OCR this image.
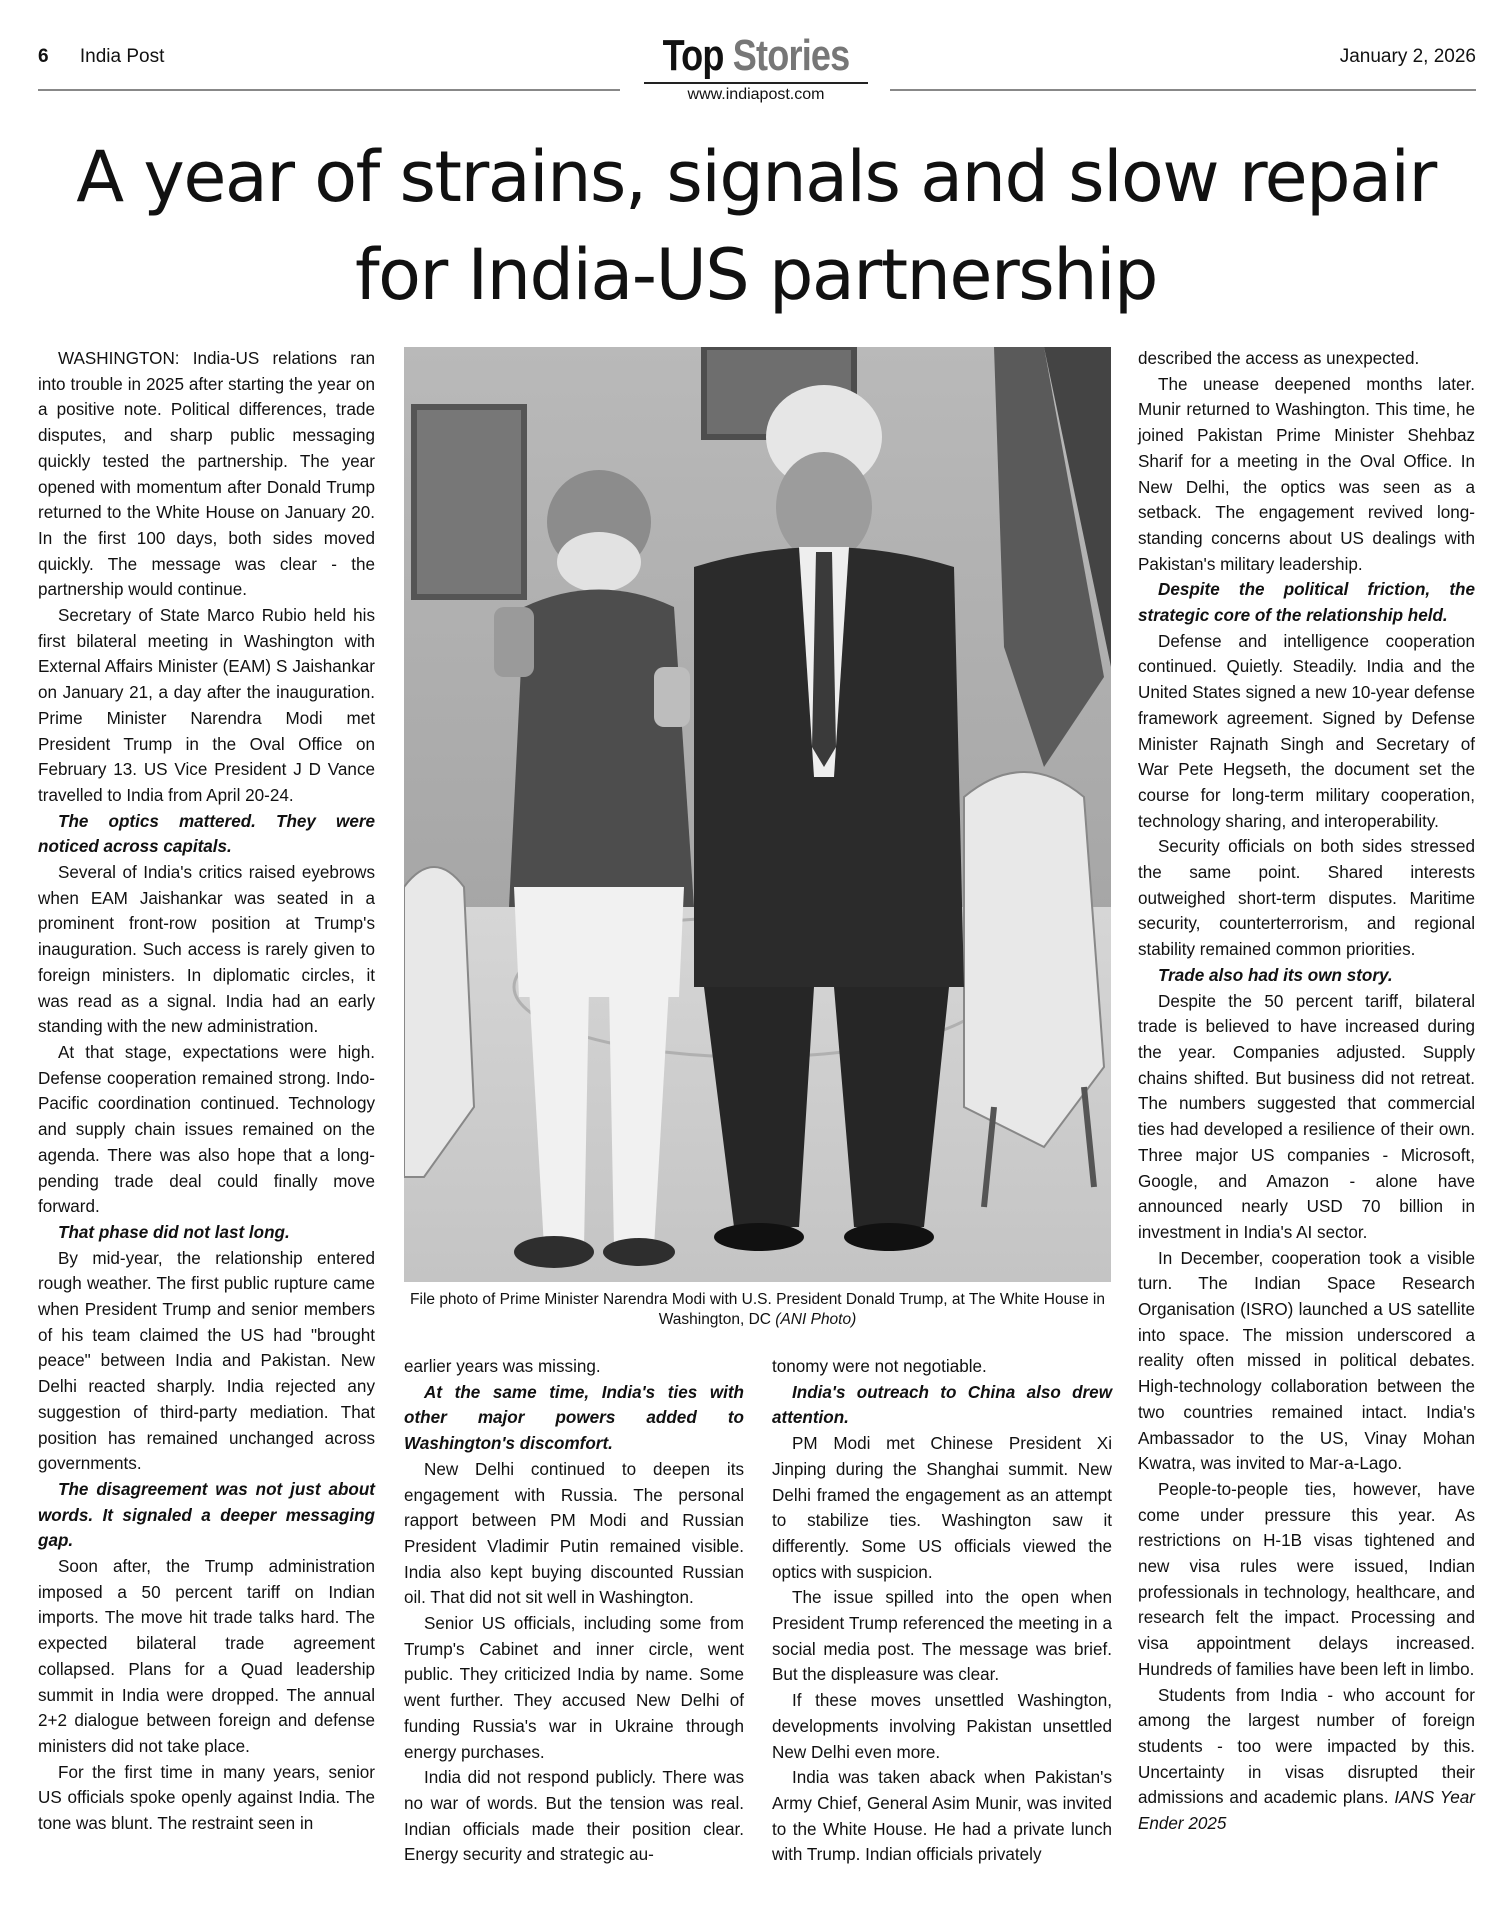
6 India Post	Top Stories
www.indiapost.com
January 2, 2026
A year of strains, signals and slow repair
for India-US partnership

WASHINGTON: India-US relations ran into trouble in 2025 after starting the year on a positive note. Political differences, trade disputes, and sharp public messaging quickly tested the partnership. The year opened with momentum after Donald Trump returned to the White House on January 20. In the first 100 days, both sides moved quickly. The message was clear - the partnership would continue.

Secretary of State Marco Rubio held his first bilateral meeting in Washington with External Affairs Minister (EAM) S Jaishankar on January 21, a day after the inauguration. Prime Minister Narendra Modi met President Trump in the Oval Office on February 13. US Vice President J D Vance travelled to India from April 20-24.

The optics mattered. They were noticed across capitals.

Several of India's critics raised eyebrows when EAM Jaishankar was seated in a prominent front-row position at Trump's inauguration. Such access is rarely given to foreign ministers. In diplomatic circles, it was read as a signal. India had an early standing with the new administration.

At that stage, expectations were high. Defense cooperation remained strong. Indo-Pacific coordination continued. Technology and supply chain issues remained on the agenda. There was also hope that a long-pending trade deal could finally move forward.

That phase did not last long.

By mid-year, the relationship entered rough weather. The first public rupture came when President Trump and senior members of his team claimed the US had "brought peace" between India and Pakistan. New Delhi reacted sharply. India rejected any suggestion of third-party mediation. That position has remained unchanged across governments.

The disagreement was not just about words. It signaled a deeper messaging gap.

Soon after, the Trump administration imposed a 50 percent tariff on Indian imports. The move hit trade talks hard. The expected bilateral trade agreement collapsed. Plans for a Quad leadership summit in India were dropped. The annual 2+2 dialogue between foreign and defense ministers did not take place.

For the first time in many years, senior US officials spoke openly against India. The tone was blunt. The restraint seen in

File photo of Prime Minister Narendra Modi with U.S. President Donald Trump, at The White House in Washington, DC (ANI Photo)

earlier years was missing.

At the same time, India's ties with other major powers added to Washington's discomfort.

New Delhi continued to deepen its engagement with Russia. The personal rapport between PM Modi and Russian President Vladimir Putin remained visible. India also kept buying discounted Russian oil. That did not sit well in Washington.

Senior US officials, including some from Trump's Cabinet and inner circle, went public. They criticized India by name. Some went further. They accused New Delhi of funding Russia's war in Ukraine through energy purchases.

India did not respond publicly. There was no war of words. But the tension was real. Indian officials made their position clear. Energy security and strategic au-

tonomy were not negotiable.

India's outreach to China also drew attention.

PM Modi met Chinese President Xi Jinping during the Shanghai summit. New Delhi framed the engagement as an attempt to stabilize ties. Washington saw it differently. Some US officials viewed the optics with suspicion.

The issue spilled into the open when President Trump referenced the meeting in a social media post. The message was brief. But the displeasure was clear.

If these moves unsettled Washington, developments involving Pakistan unsettled New Delhi even more.

India was taken aback when Pakistan's Army Chief, General Asim Munir, was invited to the White House. He had a private lunch with Trump. Indian officials privately

described the access as unexpected.

The unease deepened months later. Munir returned to Washington. This time, he joined Pakistan Prime Minister Shehbaz Sharif for a meeting in the Oval Office. In New Delhi, the optics was seen as a setback. The engagement revived long-standing concerns about US dealings with Pakistan's military leadership.

Despite the political friction, the strategic core of the relationship held.

Defense and intelligence cooperation continued. Quietly. Steadily. India and the United States signed a new 10-year defense framework agreement. Signed by Defense Minister Rajnath Singh and Secretary of War Pete Hegseth, the document set the course for long-term military cooperation, technology sharing, and interoperability.

Security officials on both sides stressed the same point. Shared interests outweighed short-term disputes. Maritime security, counterterrorism, and regional stability remained common priorities.

Trade also had its own story.

Despite the 50 percent tariff, bilateral trade is believed to have increased during the year. Companies adjusted. Supply chains shifted. But business did not retreat. The numbers suggested that commercial ties had developed a resilience of their own. Three major US companies - Microsoft, Google, and Amazon - alone have announced nearly USD 70 billion in investment in India's AI sector.

In December, cooperation took a visible turn. The Indian Space Research Organisation (ISRO) launched a US satellite into space. The mission underscored a reality often missed in political debates. High-technology collaboration between the two countries remained intact. India's Ambassador to the US, Vinay Mohan Kwatra, was invited to Mar-a-Lago.

People-to-people ties, however, have come under pressure this year. As restrictions on H-1B visas tightened and new visa rules were issued, Indian professionals in technology, healthcare, and research felt the impact. Processing and visa appointment delays increased. Hundreds of families have been left in limbo.

Students from India - who account for among the largest number of foreign students - too were impacted by this. Uncertainty in visas disrupted their admissions and academic plans. IANS Year Ender 2025
